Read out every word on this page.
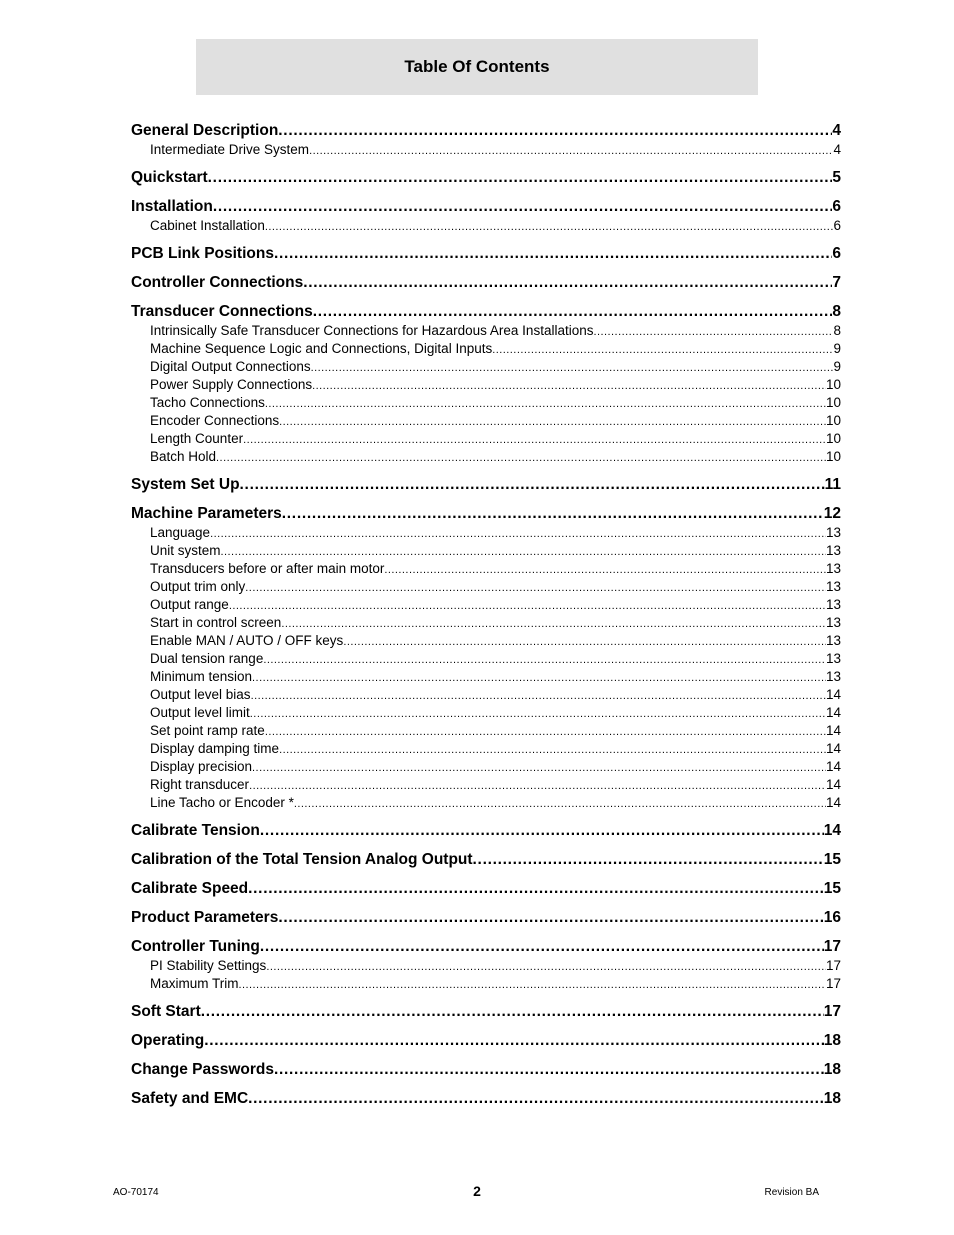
Table Of Contents
General Description . . .	4
Intermediate Drive System . . .	4
Quickstart . . .	5
Installation . . .	6
Cabinet Installation . . .	6
PCB Link Positions . . .	6
Controller Connections . . .	7
Transducer Connections . . .	8
Intrinsically Safe Transducer Connections for Hazardous Area Installations . . .	8
Machine Sequence Logic and Connections, Digital Inputs . . .	9
Digital Output Connections . . .	9
Power Supply Connections . . .	10
Tacho Connections . . .	10
Encoder Connections . . .	10
Length Counter . . .	10
Batch Hold . . .	10
System Set Up . . .	11
Machine Parameters . . .	12
Language . . .	13
Unit system . . .	13
Transducers before or after main motor . . .	13
Output trim only . . .	13
Output range . . .	13
Start in control screen . . .	13
Enable MAN / AUTO / OFF keys . . .	13
Dual tension range . . .	13
Minimum tension . . .	13
Output level bias . . .	14
Output level limit . . .	14
Set point ramp rate . . .	14
Display damping time . . .	14
Display precision . . .	14
Right transducer . . .	14
Line Tacho or Encoder * . . .	14
Calibrate Tension . . .	14
Calibration of the Total Tension Analog Output . . .	15
Calibrate Speed . . .	15
Product Parameters . . .	16
Controller Tuning . . .	17
PI Stability Settings . . .	17
Maximum Trim . . .	17
Soft Start . . .	17
Operating . . .	18
Change Passwords . . .	18
Safety and EMC . . .	18
AO-70174	2	Revision BA
